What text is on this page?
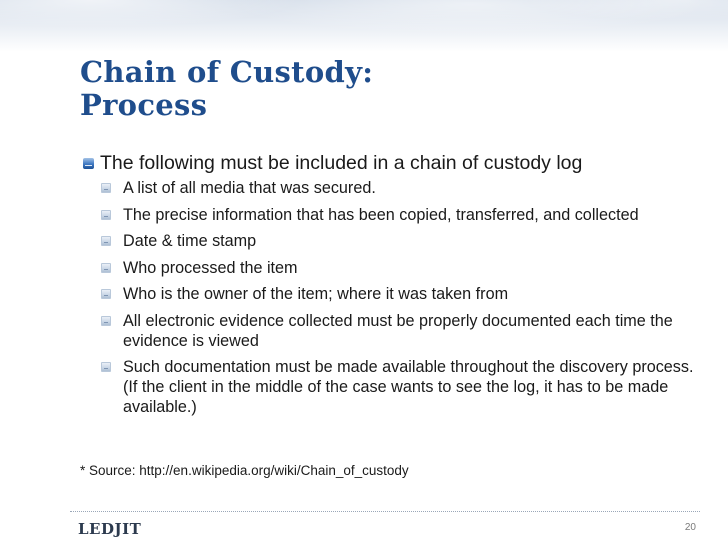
Chain of Custody:
Process
The following must be included in a chain of custody log
A list of all media that was secured.
The precise information that has been copied, transferred, and collected
Date & time stamp
Who processed the item
Who is the owner of the item; where it was taken from
All electronic evidence collected must be properly documented each time the evidence is viewed
Such documentation must be made available throughout the discovery process. (If the client in the middle of the case wants to see the log, it has to be made available.)
* Source: http://en.wikipedia.org/wiki/Chain_of_custody
LEDJIT	20
